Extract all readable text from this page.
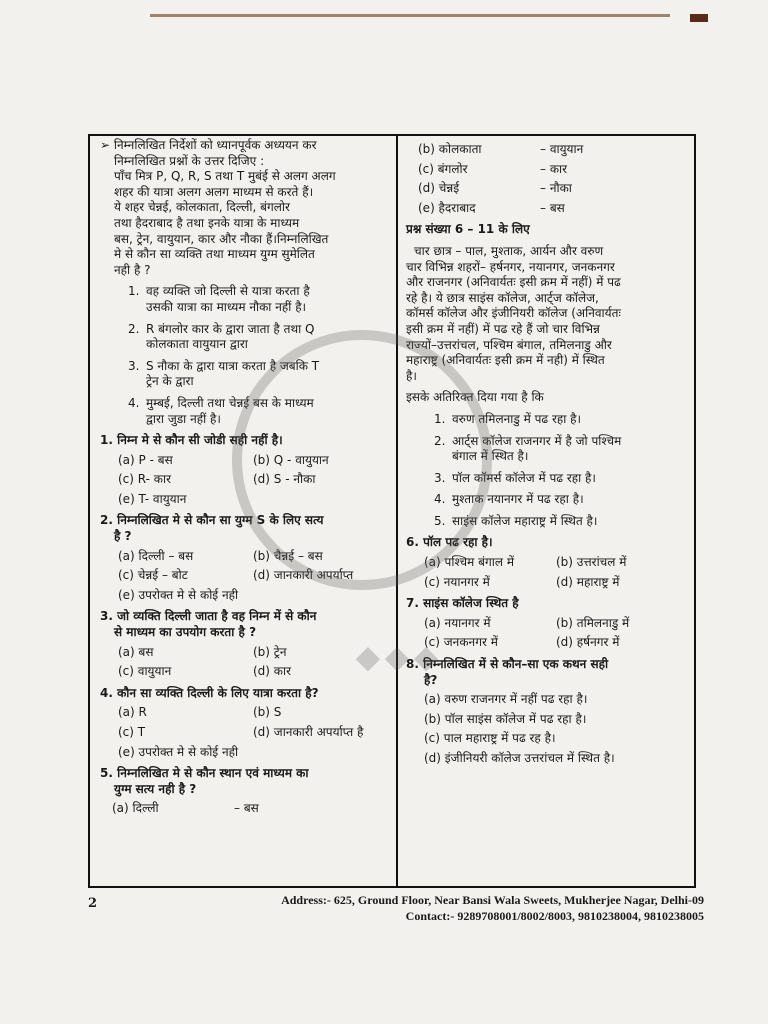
➢ निम्नलिखित निर्देशों को ध्यानपूर्वक अध्ययन कर

निम्नलिखित प्रश्नों के उत्तर दिजिए :

पाँच मित्र P, Q, R, S तथा T मुबंई से अलग अलग

शहर की यात्रा अलग अलग माध्यम से करते हैं।

ये शहर चेन्नई, कोलकाता, दिल्ली, बंगलोर

तथा हैदराबाद है तथा इनके यात्रा के माध्यम

बस, ट्रेन, वायुयान, कार और नौका हैं।निम्नलिखित

मे से कौन सा व्यक्ति तथा माध्यम युग्म सुमेलित

नही है ?

1. वह व्यक्ति जो दिल्ली से यात्रा करता है

उसकी यात्रा का माध्यम नौका नहीं है।

2. R बंगलोर कार के द्वारा जाता है तथा Q

कोलकाता वायुयान द्वारा

3. S नौका के द्वारा यात्रा करता है जबकि T

ट्रेन के द्वारा

4. मुम्बई, दिल्ली तथा चेन्नई बस के माध्यम

द्वारा जुडा नहीं है।

1. निम्न मे से कौन सी जोडी सही नहीं है।

(a) P - बस	(b) Q - वायुयान
(c) R- कार	(d) S - नौका
(e) T- वायुयान

2. निम्नलिखित मे से कौन सा युग्म S के लिए सत्य

है ?

(a) दिल्ली – बस	(b) चैन्नई – बस
(c) चेन्नई – बोट	(d) जानकारी अपर्याप्त
(e) उपरोक्त मे से कोई नही

3. जो व्यक्ति दिल्ली जाता है वह निम्न में से कौन

से माध्यम का उपयोग करता है ?

(a) बस	(b) ट्रेन
(c) वायुयान	(d) कार

4. कौन सा व्यक्ति दिल्ली के लिए यात्रा करता है?

(a) R	(b) S
(c) T	(d) जानकारी अपर्याप्त है
(e) उपरोक्त मे से कोई नही

5. निम्नलिखित मे से कौन स्थान एवं माध्यम का

युग्म सत्य नही है ?

(a) दिल्ली	– बस
(b) कोलकाता	– वायुयान
(c) बंगलोर	– कार
(d) चेन्नई	– नौका
(e) हैदराबाद	– बस

प्रश्न संख्या 6 – 11 के लिए

चार छात्र – पाल, मुश्ताक, आर्यन और वरुण

चार विभिन्न शहरों– हर्षनगर, नयानगर, जनकनगर

और राजनगर (अनिवार्यतः इसी क्रम में नहीं) में पढ

रहे है। ये छात्र साइंस कॉलेज, आर्ट्ज कॉलेज,

कॉमर्स कॉलेज और इंजीनियरी कॉलेज (अनिवार्यतः

इसी क्रम में नहीं) में पढ रहे हैं जो चार विभिन्न

राज्यों–उत्तरांचल, पश्चिम बंगाल, तमिलनाडु और

महाराष्ट्र (अनिवार्यतः इसी क्रम में नही) में स्थित

है।

इसके अतिरिक्त दिया गया है कि

1. वरुण तमिलनाडु में पढ रहा है।

2. आर्ट्स कॉलेज राजनगर में है जो पश्चिम

बंगाल में स्थित है।

3. पॉल कॉमर्स कॉलेज में पढ रहा है।

4. मुश्ताक नयानगर में पढ रहा है।

5. साइंस कॉलेज महाराष्ट्र में स्थित है।

6. पॉल पढ रहा है।

(a) पश्चिम बंगाल में	(b) उत्तरांचल में
(c) नयानगर में	(d) महाराष्ट्र में

7. साइंस कॉलेज स्थित है

(a) नयानगर में	(b) तमिलनाडु में
(c) जनकनगर में	(d) हर्षनगर में

8. निम्नलिखित में से कौन–सा एक कथन सही

है?

(a) वरुण राजनगर में नहीं पढ रहा है।

(b) पॉल साइंस कॉलेज में पढ रहा है।

(c) पाल महाराष्ट्र में पढ रह है।

(d) इंजीनियरी कॉलेज उत्तरांचल में स्थित है।

◆◆◆
2	Address:- 625, Ground Floor, Near Bansi Wala Sweets, Mukherjee Nagar, Delhi-09
Contact:- 9289708001/8002/8003, 9810238004, 9810238005
